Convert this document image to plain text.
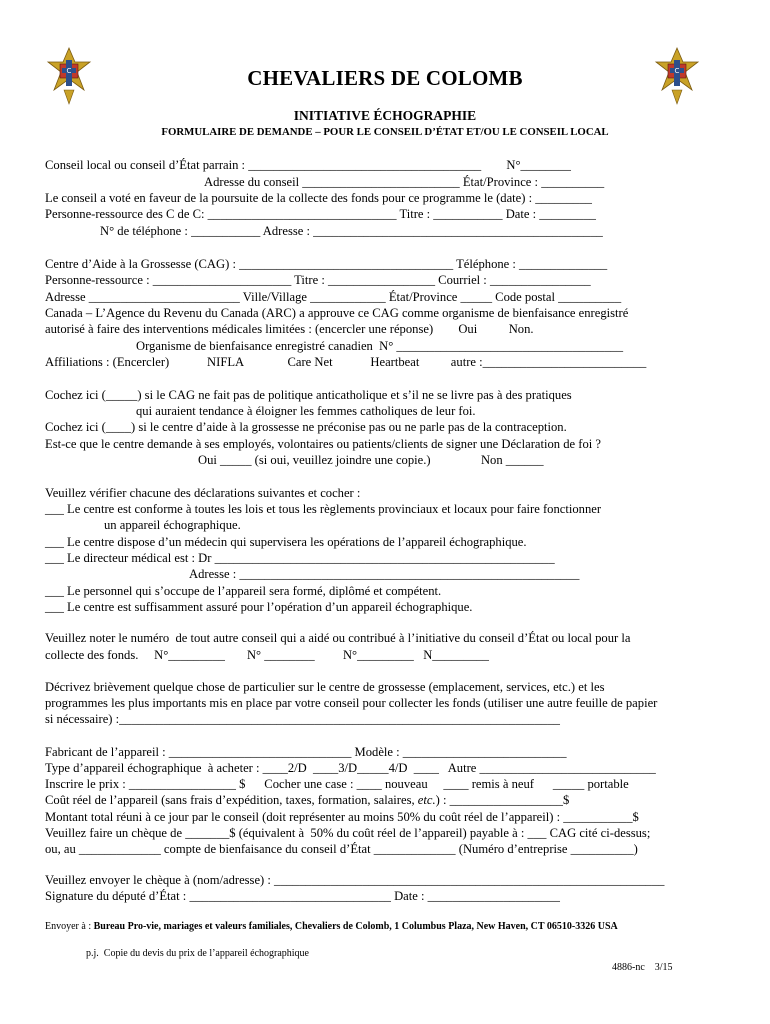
C	C
CHEVALIERS DE COLOMB
INITIATIVE ÉCHOGRAPHIE
FORMULAIRE DE DEMANDE – POUR LE CONSEIL D’ÉTAT ET/OU LE CONSEIL LOCAL
Conseil local ou conseil d’État parrain : _____________________________________        N°________
Adresse du conseil _________________________ État/Province : __________
Le conseil a voté en faveur de la poursuite de la collecte des fonds pour ce programme le (date) : _________
Personne-ressource des C de C: ______________________________ Titre : ___________ Date : _________
N° de téléphone : ___________ Adresse : ______________________________________________
Centre d’Aide à la Grossesse (CAG) : __________________________________ Téléphone : ______________
Personne-ressource : ______________________ Titre : _________________ Courriel : ________________
Adresse ________________________ Ville/Village ____________ État/Province _____ Code postal __________
Canada – L’Agence du Revenu du Canada (ARC) a approuve ce CAG comme organisme de bienfaisance enregistré
autorisé à faire des interventions médicales limitées : (encercler une réponse)        Oui          Non.
Organisme de bienfaisance enregistré canadien  N° ____________________________________
Affiliations : (Encercler)            NIFLA              Care Net            Heartbeat          autre :__________________________
Cochez ici (_____) si le CAG ne fait pas de politique anticatholique et s’il ne se livre pas à des pratiques
qui auraient tendance à éloigner les femmes catholiques de leur foi.
Cochez ici (____) si le centre d’aide à la grossesse ne préconise pas ou ne parle pas de la contraception.
Est-ce que le centre demande à ses employés, volontaires ou patients/clients de signer une Déclaration de foi ?
Oui _____ (si oui, veuillez joindre une copie.)                Non ______
Veuillez vérifier chacune des déclarations suivantes et cocher :
___ Le centre est conforme à toutes les lois et tous les règlements provinciaux et locaux pour faire fonctionner
un appareil échographique.
___ Le centre dispose d’un médecin qui supervisera les opérations de l’appareil échographique.
___ Le directeur médical est : Dr ______________________________________________________
Adresse : ______________________________________________________
___ Le personnel qui s’occupe de l’appareil sera formé, diplômé et compétent.
___ Le centre est suffisamment assuré pour l’opération d’un appareil échographique.
Veuillez noter le numéro  de tout autre conseil qui a aidé ou contribué à l’initiative du conseil d’État ou local pour la
collecte des fonds.     N°_________       N° ________         N°_________   N_________
Décrivez brièvement quelque chose de particulier sur le centre de grossesse (emplacement, services, etc.) et les
programmes les plus importants mis en place par votre conseil pour collecter les fonds (utiliser une autre feuille de papier
si nécessaire) :______________________________________________________________________
Fabricant de l’appareil : _____________________________ Modèle : __________________________
Type d’appareil échographique  à acheter : ____2/D  ____3/D_____4/D  ____   Autre ____________________________
Inscrire le prix : _________________ $      Cocher une case : ____ nouveau     ____ remis à neuf      _____ portable
Coût réel de l’appareil (sans frais d’expédition, taxes, formation, salaires, etc.) : __________________$
Montant total réuni à ce jour par le conseil (doit représenter au moins 50% du coût réel de l’appareil) : ___________$
Veuillez faire un chèque de _______$ (équivalent à  50% du coût réel de l’appareil) payable à : ___ CAG cité ci-dessus;
ou, au _____________ compte de bienfaisance du conseil d’État _____________ (Numéro d’entreprise __________)
Veuillez envoyer le chèque à (nom/adresse) : ______________________________________________________________
Signature du député d’État : ________________________________ Date : _____________________
Envoyer à : Bureau Pro-vie, mariages et valeurs familiales, Chevaliers de Colomb, 1 Columbus Plaza, New Haven, CT 06510-3326 USA
p.j.  Copie du devis du prix de l’appareil échographique
4886-nc    3/15
